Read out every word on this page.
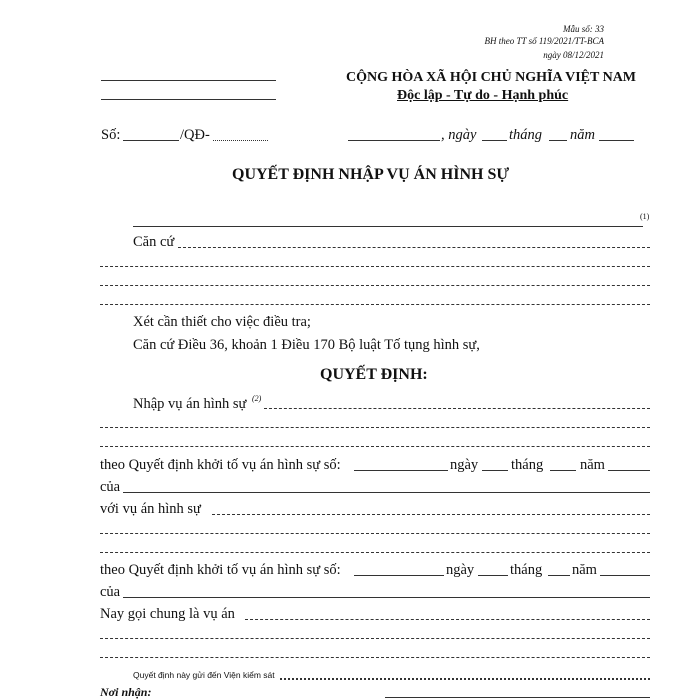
Mẫu số: 33
BH theo TT số 119/2021/TT-BCA
ngày 08/12/2021
CỘNG HÒA XÃ HỘI CHỦ NGHĨA VIỆT NAM
Độc lập - Tự do - Hạnh phúc
Số:	/QĐ-	, ngày tháng năm
QUYẾT ĐỊNH NHẬP VỤ ÁN HÌNH SỰ
(1)
Căn cứ
Xét cần thiết cho việc điều tra;
Căn cứ Điều 36, khoản 1 Điều 170 Bộ luật Tố tụng hình sự,
QUYẾT ĐỊNH:
Nhập vụ án hình sự (2)
theo Quyết định khởi tố vụ án hình sự số:	ngày tháng	năm
của
với vụ án hình sự
theo Quyết định khởi tố vụ án hình sự số:	ngày tháng năm
của
Nay gọi chung là vụ án
Quyết định này gửi đến Viện kiểm sát
Nơi nhận:
